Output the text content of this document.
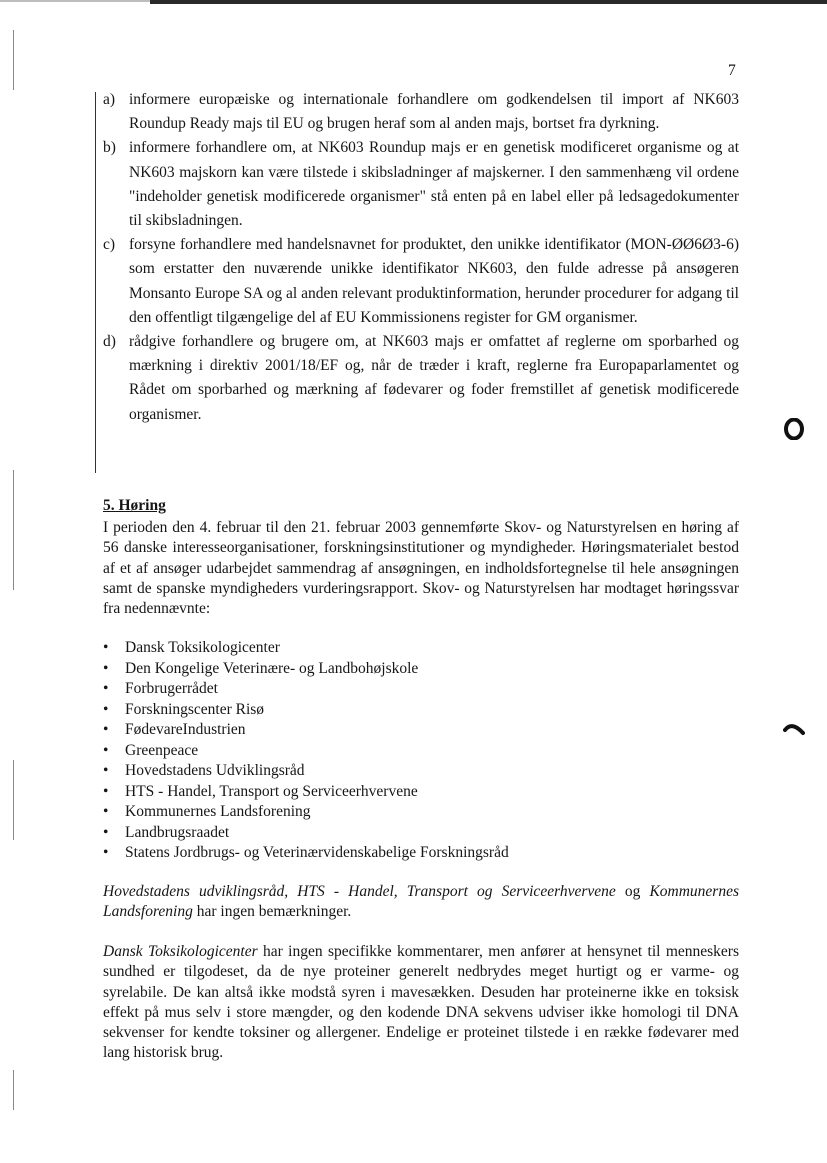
7
a) informere europæiske og internationale forhandlere om godkendelsen til import af NK603 Roundup Ready majs til EU og brugen heraf som al anden majs, bortset fra dyrkning.
b) informere forhandlere om, at NK603 Roundup majs er en genetisk modificeret organisme og at NK603 majskorn kan være tilstede i skibsladninger af majskerner. I den sammenhæng vil ordene "indeholder genetisk modificerede organismer" stå enten på en label eller på ledsagedokumenter til skibsladningen.
c) forsyne forhandlere med handelsnavnet for produktet, den unikke identifikator (MON-ØØ6Ø3-6) som erstatter den nuværende unikke identifikator NK603, den fulde adresse på ansøgeren Monsanto Europe SA og al anden relevant produktinformation, herunder procedurer for adgang til den offentligt tilgængelige del af EU Kommissionens register for GM organismer.
d) rådgive forhandlere og brugere om, at NK603 majs er omfattet af reglerne om sporbarhed og mærkning i direktiv 2001/18/EF og, når de træder i kraft, reglerne fra Europaparlamentet og Rådet om sporbarhed og mærkning af fødevarer og foder fremstillet af genetisk modificerede organismer.
5. Høring

I perioden den 4. februar til den 21. februar 2003 gennemførte Skov- og Naturstyrelsen en høring af 56 danske interesseorganisationer, forskningsinstitutioner og myndigheder. Høringsmaterialet bestod af et af ansøger udarbejdet sammendrag af ansøgningen, en indholdsfortegnelse til hele ansøgningen samt de spanske myndigheders vurderingsrapport. Skov- og Naturstyrelsen har modtaget høringssvar fra nedennævnte:

•	Dansk Toksikologicenter
•	Den Kongelige Veterinære- og Landbohøjskole
•	Forbrugerrådet
•	Forskningscenter Risø
•	FødevareIndustrien
•	Greenpeace
•	Hovedstadens Udviklingsråd
•	HTS - Handel, Transport og Serviceerhvervene
•	Kommunernes Landsforening
•	Landbrugsraadet
•	Statens Jordbrugs- og Veterinærvidenskabelige Forskningsråd

Hovedstadens udviklingsråd, HTS - Handel, Transport og Serviceerhvervene og Kommunernes Landsforening har ingen bemærkninger.

Dansk Toksikologicenter har ingen specifikke kommentarer, men anfører at hensynet til menneskers sundhed er tilgodeset, da de nye proteiner generelt nedbrydes meget hurtigt og er varme- og syrelabile. De kan altså ikke modstå syren i mavesækken. Desuden har proteinerne ikke en toksisk effekt på mus selv i store mængder, og den kodende DNA sekvens udviser ikke homologi til DNA sekvenser for kendte toksiner og allergener. Endelige er proteinet tilstede i en række fødevarer med lang historisk brug.
